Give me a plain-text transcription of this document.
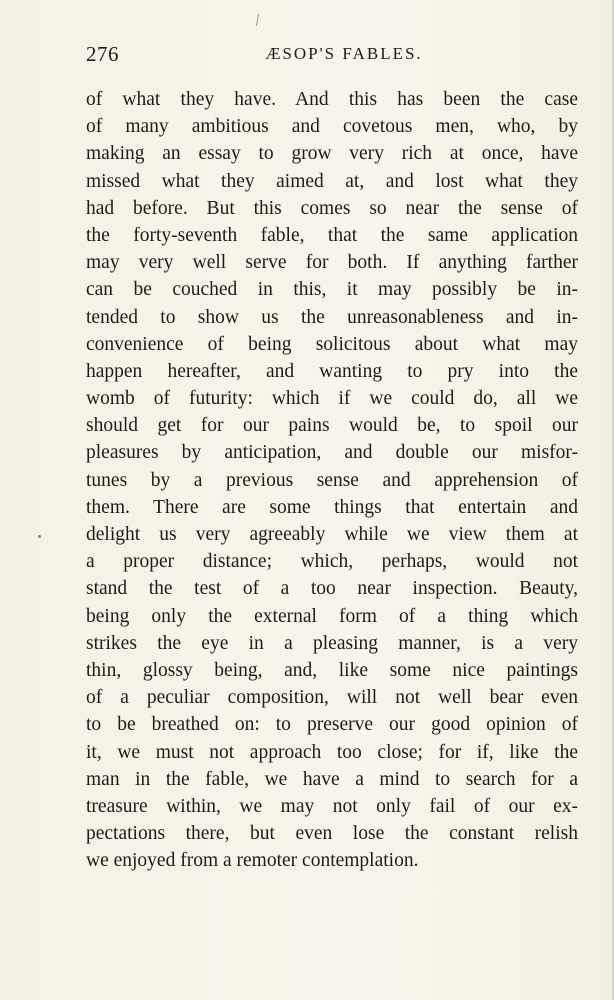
276	ÆSOP'S FABLES.
of what they have. And this has been the case
of many ambitious and covetous men, who, by
making an essay to grow very rich at once, have
missed what they aimed at, and lost what they
had before. But this comes so near the sense of
the forty-seventh fable, that the same application
may very well serve for both. If anything farther
can be couched in this, it may possibly be in-
tended to show us the unreasonableness and in-
convenience of being solicitous about what may
happen hereafter, and wanting to pry into the
womb of futurity: which if we could do, all we
should get for our pains would be, to spoil our
pleasures by anticipation, and double our misfor-
tunes by a previous sense and apprehension of
them. There are some things that entertain and
delight us very agreeably while we view them at
a proper distance; which, perhaps, would not
stand the test of a too near inspection. Beauty,
being only the external form of a thing which
strikes the eye in a pleasing manner, is a very
thin, glossy being, and, like some nice paintings
of a peculiar composition, will not well bear even
to be breathed on: to preserve our good opinion of
it, we must not approach too close; for if, like the
man in the fable, we have a mind to search for a
treasure within, we may not only fail of our ex-
pectations there, but even lose the constant relish
we enjoyed from a remoter contemplation.
